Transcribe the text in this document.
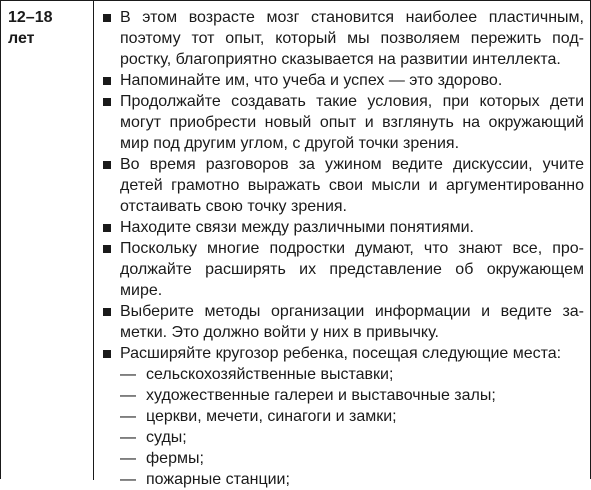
12–18
лет
В этом возрасте мозг становится наиболее пластичным,
поэтому тот опыт, который мы позволяем пережить под-
ростку, благоприятно сказывается на развитии интеллекта.
Напоминайте им, что учеба и успех — это здорово.
Продолжайте создавать такие условия, при которых дети
могут приобрести новый опыт и взглянуть на окружающий
мир под другим углом, с другой точки зрения.
Во время разговоров за ужином ведите дискуссии, учите
детей грамотно выражать свои мысли и аргументированно
отстаивать свою точку зрения.
Находите связи между различными понятиями.
Поскольку многие подростки думают, что знают все, про-
должайте расширять их представление об окружающем
мире.
Выберите методы организации информации и ведите за-
метки. Это должно войти у них в привычку.
Расширяйте кругозор ребенка, посещая следующие места:
— сельскохозяйственные выставки;
— художественные галереи и выставочные залы;
— церкви, мечети, синагоги и замки;
— суды;
— фермы;
— пожарные станции;
